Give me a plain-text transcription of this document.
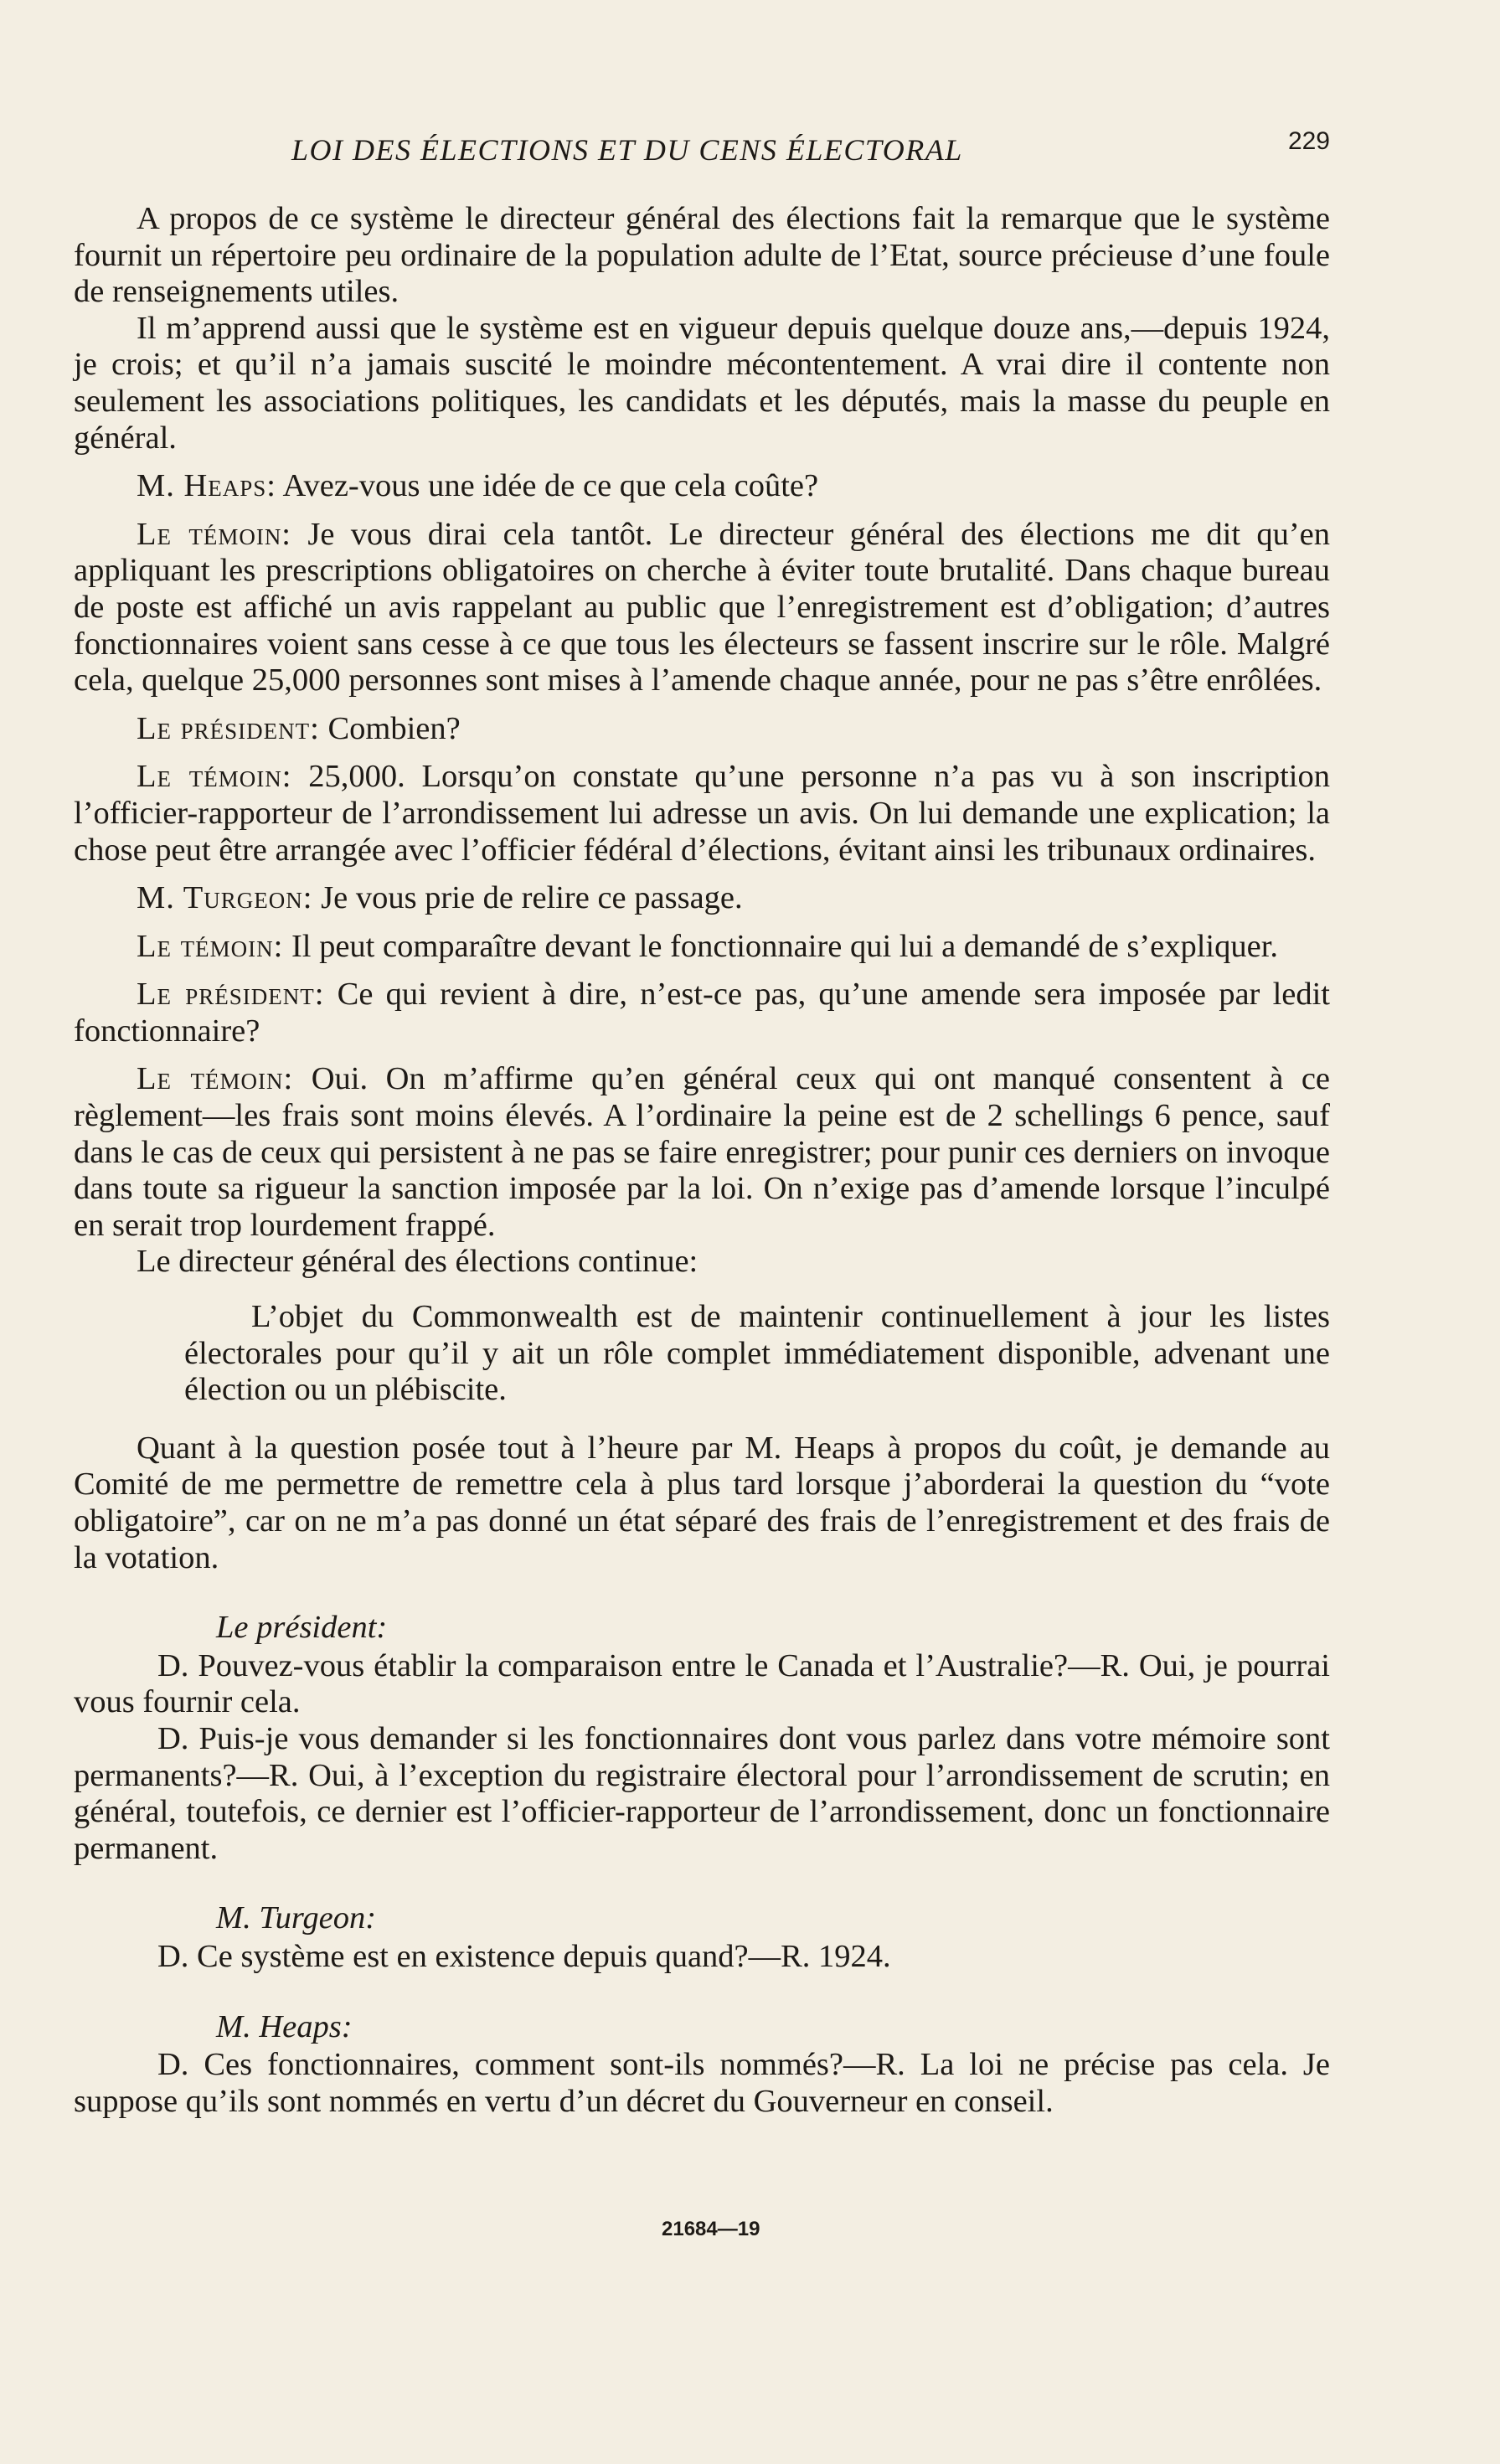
LOI DES ÉLECTIONS ET DU CENS ÉLECTORAL	229

A propos de ce système le directeur général des élections fait la remarque que le système fournit un répertoire peu ordinaire de la population adulte de l’Etat, source précieuse d’une foule de renseignements utiles.

Il m’apprend aussi que le système est en vigueur depuis quelque douze ans,—depuis 1924, je crois; et qu’il n’a jamais suscité le moindre mécontentement. A vrai dire il contente non seulement les associations politiques, les candidats et les députés, mais la masse du peuple en général.

M. Heaps: Avez-vous une idée de ce que cela coûte?

Le témoin: Je vous dirai cela tantôt. Le directeur général des élections me dit qu’en appliquant les prescriptions obligatoires on cherche à éviter toute brutalité. Dans chaque bureau de poste est affiché un avis rappelant au public que l’enregistrement est d’obligation; d’autres fonctionnaires voient sans cesse à ce que tous les électeurs se fassent inscrire sur le rôle. Malgré cela, quelque 25,000 personnes sont mises à l’amende chaque année, pour ne pas s’être enrôlées.

Le président: Combien?

Le témoin: 25,000. Lorsqu’on constate qu’une personne n’a pas vu à son inscription l’officier-rapporteur de l’arrondissement lui adresse un avis. On lui demande une explication; la chose peut être arrangée avec l’officier fédéral d’élections, évitant ainsi les tribunaux ordinaires.

M. Turgeon: Je vous prie de relire ce passage.

Le témoin: Il peut comparaître devant le fonctionnaire qui lui a demandé de s’expliquer.

Le président: Ce qui revient à dire, n’est-ce pas, qu’une amende sera imposée par ledit fonctionnaire?

Le témoin: Oui. On m’affirme qu’en général ceux qui ont manqué consentent à ce règlement—les frais sont moins élevés. A l’ordinaire la peine est de 2 schellings 6 pence, sauf dans le cas de ceux qui persistent à ne pas se faire enregistrer; pour punir ces derniers on invoque dans toute sa rigueur la sanction imposée par la loi. On n’exige pas d’amende lorsque l’inculpé en serait trop lourdement frappé.

Le directeur général des élections continue:

L’objet du Commonwealth est de maintenir continuellement à jour les listes électorales pour qu’il y ait un rôle complet immédiatement disponible, advenant une élection ou un plébiscite.

Quant à la question posée tout à l’heure par M. Heaps à propos du coût, je demande au Comité de me permettre de remettre cela à plus tard lorsque j’aborderai la question du “vote obligatoire”, car on ne m’a pas donné un état séparé des frais de l’enregistrement et des frais de la votation.

Le président:

D. Pouvez-vous établir la comparaison entre le Canada et l’Australie?—R. Oui, je pourrai vous fournir cela.

D. Puis-je vous demander si les fonctionnaires dont vous parlez dans votre mémoire sont permanents?—R. Oui, à l’exception du registraire électoral pour l’arrondissement de scrutin; en général, toutefois, ce dernier est l’officier-rapporteur de l’arrondissement, donc un fonctionnaire permanent.

M. Turgeon:

D. Ce système est en existence depuis quand?—R. 1924.

M. Heaps:

D. Ces fonctionnaires, comment sont-ils nommés?—R. La loi ne précise pas cela. Je suppose qu’ils sont nommés en vertu d’un décret du Gouverneur en conseil.

21684—19
